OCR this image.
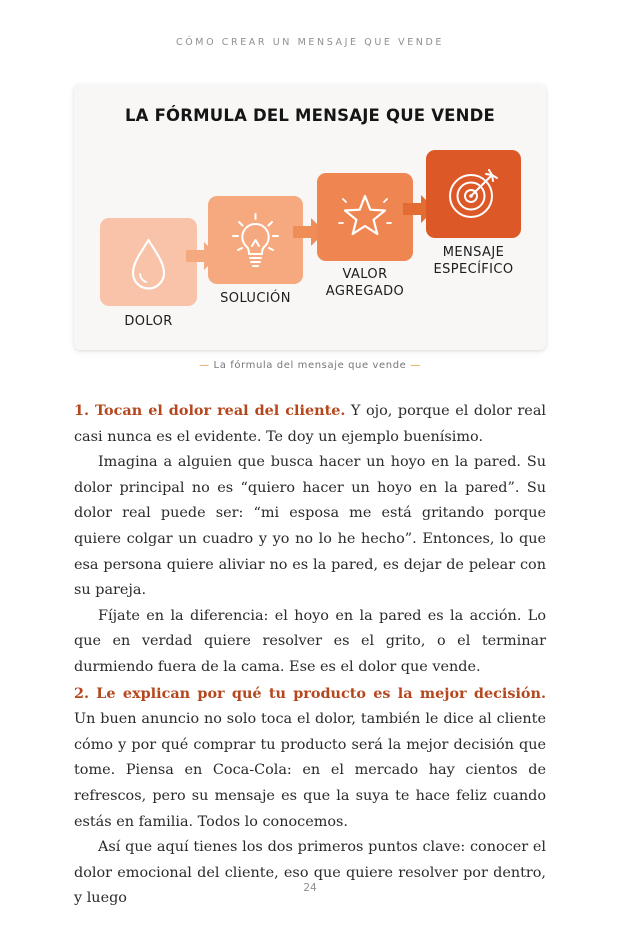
CÓMO CREAR UN MENSAJE QUE VENDE
LA FÓRMULA DEL MENSAJE QUE VENDE
DOLOR
SOLUCIÓN
VALOR
AGREGADO
MENSAJE
ESPECÍFICO
— La fórmula del mensaje que vende —

1. Tocan el dolor real del cliente. Y ojo, porque el dolor real casi nunca es el evidente. Te doy un ejemplo buenísimo.

Imagina a alguien que busca hacer un hoyo en la pared. Su dolor principal no es “quiero hacer un hoyo en la pared”. Su dolor real puede ser: “mi esposa me está gritando porque quiere colgar un cuadro y yo no lo he hecho”. Entonces, lo que esa persona quiere aliviar no es la pared, es dejar de pelear con su pareja.

Fíjate en la diferencia: el hoyo en la pared es la acción. Lo que en verdad quiere resolver es el grito, o el terminar durmiendo fuera de la cama. Ese es el dolor que vende.

2. Le explican por qué tu producto es la mejor decisión. Un buen anuncio no solo toca el dolor, también le dice al cliente cómo y por qué comprar tu producto será la mejor decisión que tome. Piensa en Coca-Cola: en el mercado hay cientos de refrescos, pero su mensaje es que la suya te hace feliz cuando estás en familia. Todos lo conocemos.

Así que aquí tienes los dos primeros puntos clave: conocer el dolor emocional del cliente, eso que quiere resolver por dentro, y luego

24
